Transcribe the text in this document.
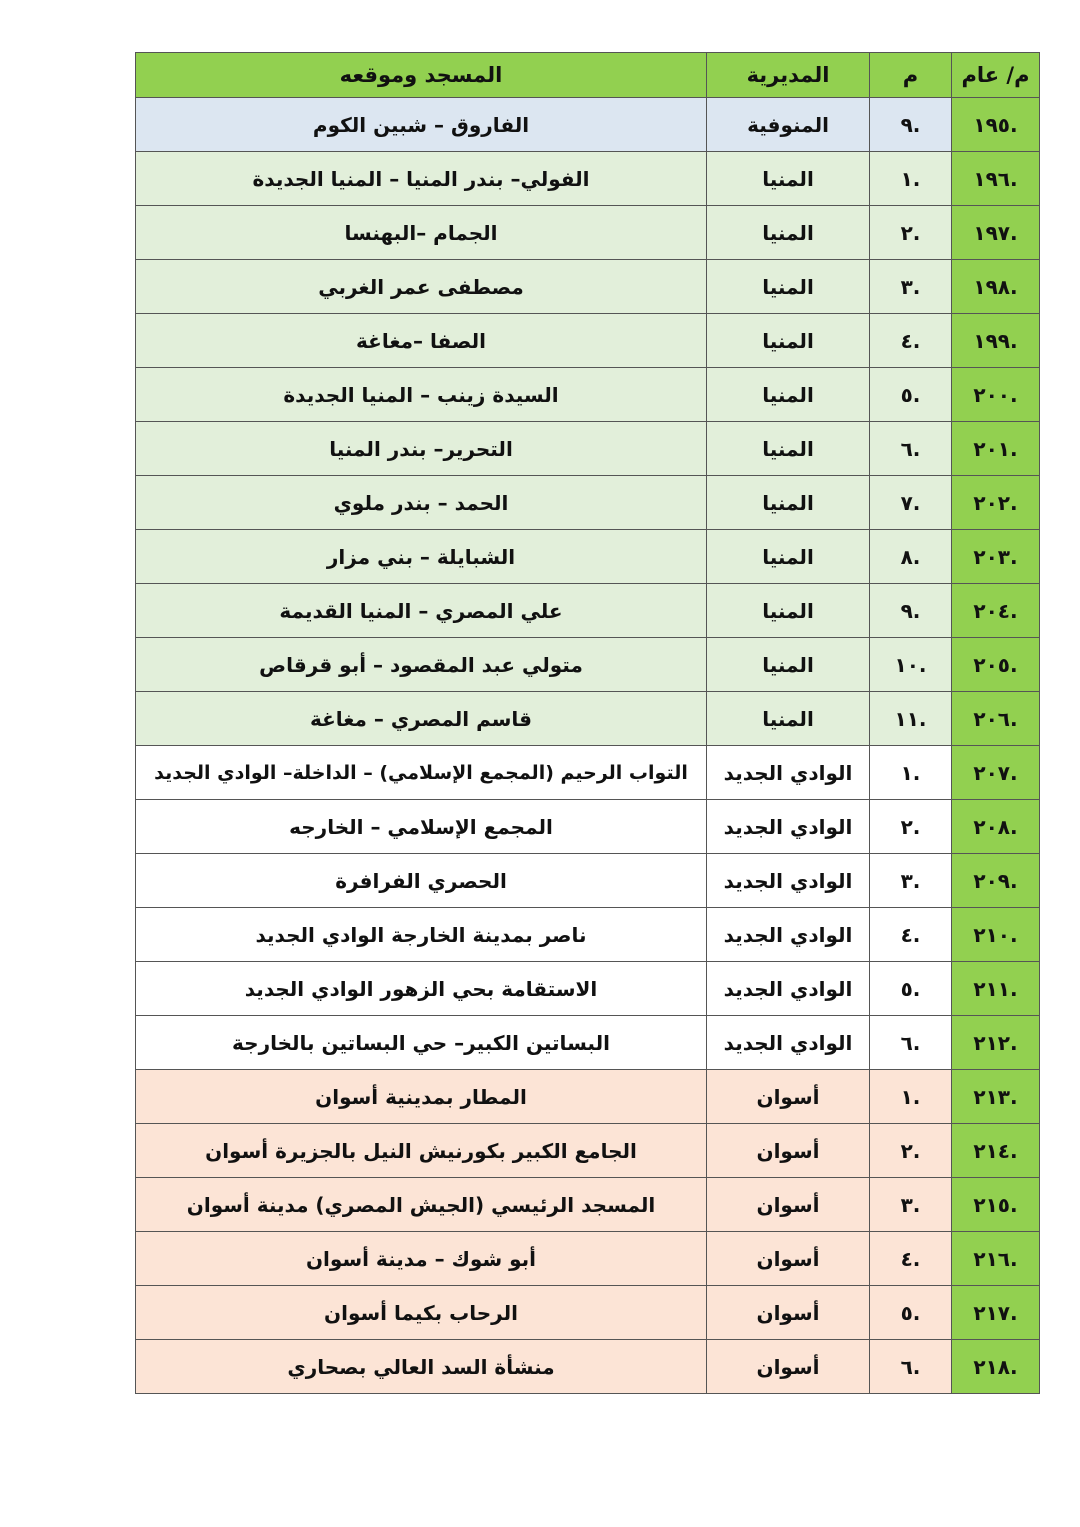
المسجد وموقعه	المديرية	م	م/ عام
الفاروق – شبين الكوم	المنوفية	.٩	.١٩٥
الفولي– بندر المنيا – المنيا الجديدة	المنيا	.١	.١٩٦
الجمام –البهنسا	المنيا	.٢	.١٩٧
مصطفى عمر الغربي	المنيا	.٣	.١٩٨
الصفا –مغاغة	المنيا	.٤	.١٩٩
السيدة زينب – المنيا الجديدة	المنيا	.٥	.٢٠٠
التحرير– بندر المنيا	المنيا	.٦	.٢٠١
الحمد – بندر ملوي	المنيا	.٧	.٢٠٢
الشبايلة – بني مزار	المنيا	.٨	.٢٠٣
علي المصري – المنيا القديمة	المنيا	.٩	.٢٠٤
متولي عبد المقصود – أبو قرقاص	المنيا	.١٠	.٢٠٥
قاسم المصري – مغاغة	المنيا	.١١	.٢٠٦
التواب الرحيم (المجمع الإسلامي) – الداخلة– الوادي الجديد	الوادي الجديد	.١	.٢٠٧
المجمع الإسلامي – الخارجه	الوادي الجديد	.٢	.٢٠٨
الحصري الفرافرة	الوادي الجديد	.٣	.٢٠٩
ناصر بمدينة الخارجة الوادي الجديد	الوادي الجديد	.٤	.٢١٠
الاستقامة بحي الزهور الوادي الجديد	الوادي الجديد	.٥	.٢١١
البساتين الكبير– حي البساتين بالخارجة	الوادي الجديد	.٦	.٢١٢
المطار بمدينية أسوان	أسوان	.١	.٢١٣
الجامع الكبير بكورنيش النيل بالجزيرة أسوان	أسوان	.٢	.٢١٤
المسجد الرئيسي (الجيش المصري) مدينة أسوان	أسوان	.٣	.٢١٥
أبو شوك – مدينة أسوان	أسوان	.٤	.٢١٦
الرحاب بكيما أسوان	أسوان	.٥	.٢١٧
منشأة السد العالي بصحاري	أسوان	.٦	.٢١٨
